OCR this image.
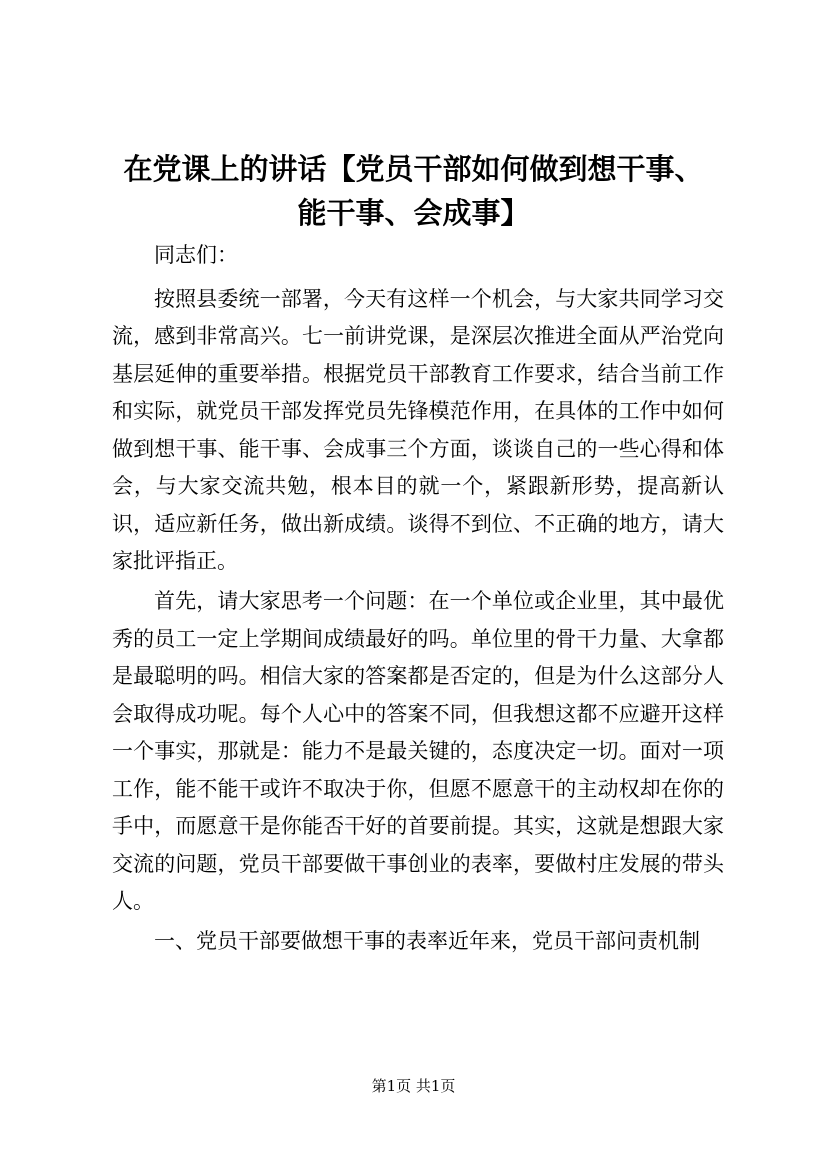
在党课上的讲话【党员干部如何做到想干事、
能干事、会成事】

同志们：

按照县委统一部署，今天有这样一个机会，与大家共同学习交流，感到非常高兴。七一前讲党课，是深层次推进全面从严治党向基层延伸的重要举措。根据党员干部教育工作要求，结合当前工作和实际，就党员干部发挥党员先锋模范作用，在具体的工作中如何做到想干事、能干事、会成事三个方面，谈谈自己的一些心得和体会，与大家交流共勉，根本目的就一个，紧跟新形势，提高新认识，适应新任务，做出新成绩。谈得不到位、不正确的地方，请大家批评指正。

首先，请大家思考一个问题：在一个单位或企业里，其中最优秀的员工一定上学期间成绩最好的吗。单位里的骨干力量、大拿都是最聪明的吗。相信大家的答案都是否定的，但是为什么这部分人会取得成功呢。每个人心中的答案不同，但我想这都不应避开这样一个事实，那就是：能力不是最关键的，态度决定一切。面对一项工作，能不能干或许不取决于你，但愿不愿意干的主动权却在你的手中，而愿意干是你能否干好的首要前提。其实，这就是想跟大家交流的问题，党员干部要做干事创业的表率，要做村庄发展的带头人。

一、党员干部要做想干事的表率近年来，党员干部问责机制

第1页 共1页
